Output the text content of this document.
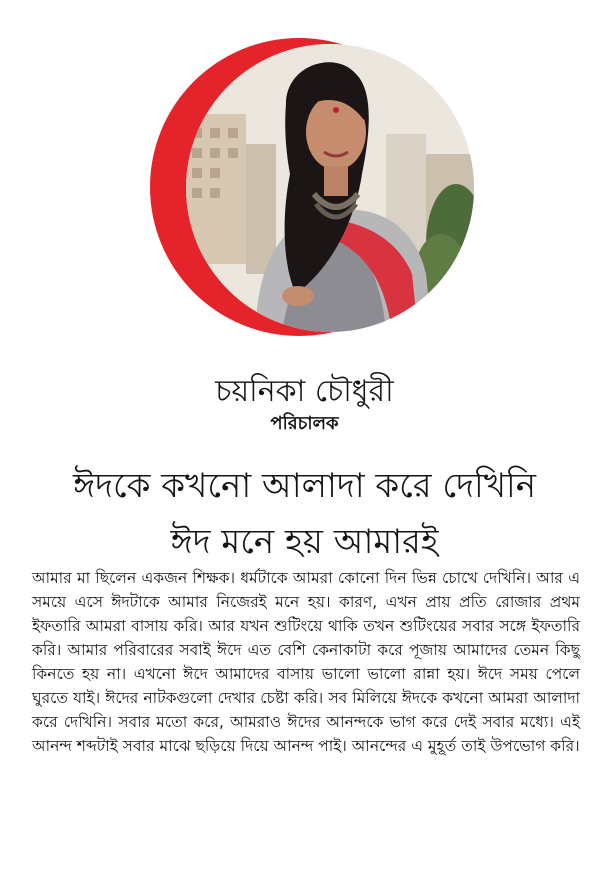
চয়নিকা চৌধুরী
পরিচালক
ঈদকে কখনো আলাদা করে দেখিনি
ঈদ মনে হয় আমারই
আমার মা ছিলেন একজন শিক্ষক। ধর্মটাকে আমরা কোনো দিন ভিন্ন চোখে দেখিনি। আর এ সময়ে এসে ঈদটাকে আমার নিজেরই মনে হয়। কারণ, এখন প্রায় প্রতি রোজার প্রথম ইফতারি আমরা বাসায় করি। আর যখন শুটিংয়ে থাকি তখন শুটিংয়ের সবার সঙ্গে ইফতারি করি। আমার পরিবারের সবাই ঈদে এত বেশি কেনাকাটা করে পূজায় আমাদের তেমন কিছু কিনতে হয় না। এখনো ঈদে আমাদের বাসায় ভালো ভালো রান্না হয়। ঈদে সময় পেলে ঘুরতে যাই। ঈদের নাটকগুলো দেখার চেষ্টা করি। সব মিলিয়ে ঈদকে কখনো আমরা আলাদা করে দেখিনি। সবার মতো করে, আমরাও ঈদের আনন্দকে ভাগ করে দেই সবার মধ্যে। এই আনন্দ শব্দটাই সবার মাঝে ছড়িয়ে দিয়ে আনন্দ পাই। আনন্দের এ মুহূর্ত তাই উপভোগ করি।
